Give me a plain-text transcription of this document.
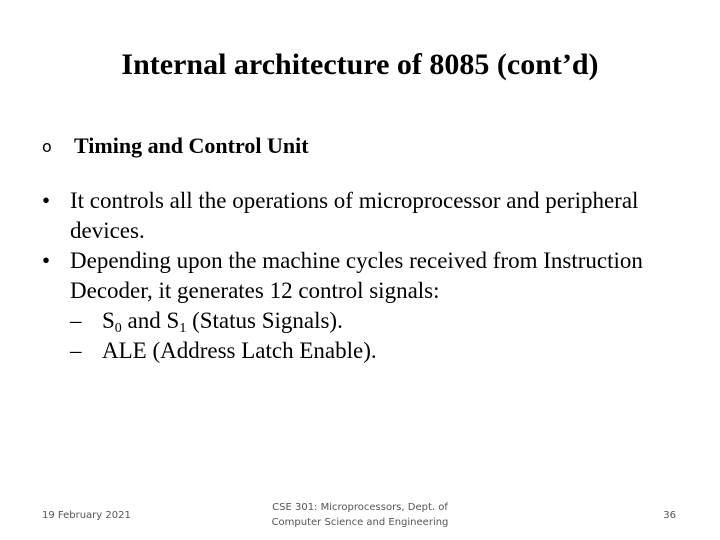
Internal architecture of 8085 (cont’d)
o	Timing and Control Unit
• It controls all the operations of microprocessor and peripheral devices.
• Depending upon the machine cycles received from Instruction Decoder, it generates 12 control signals:
– $S_0$ and $S_1$ (Status Signals).
– ALE (Address Latch Enable).
19 February 2021
CSE 301: Microprocessors, Dept. of
Computer Science and Engineering
36
